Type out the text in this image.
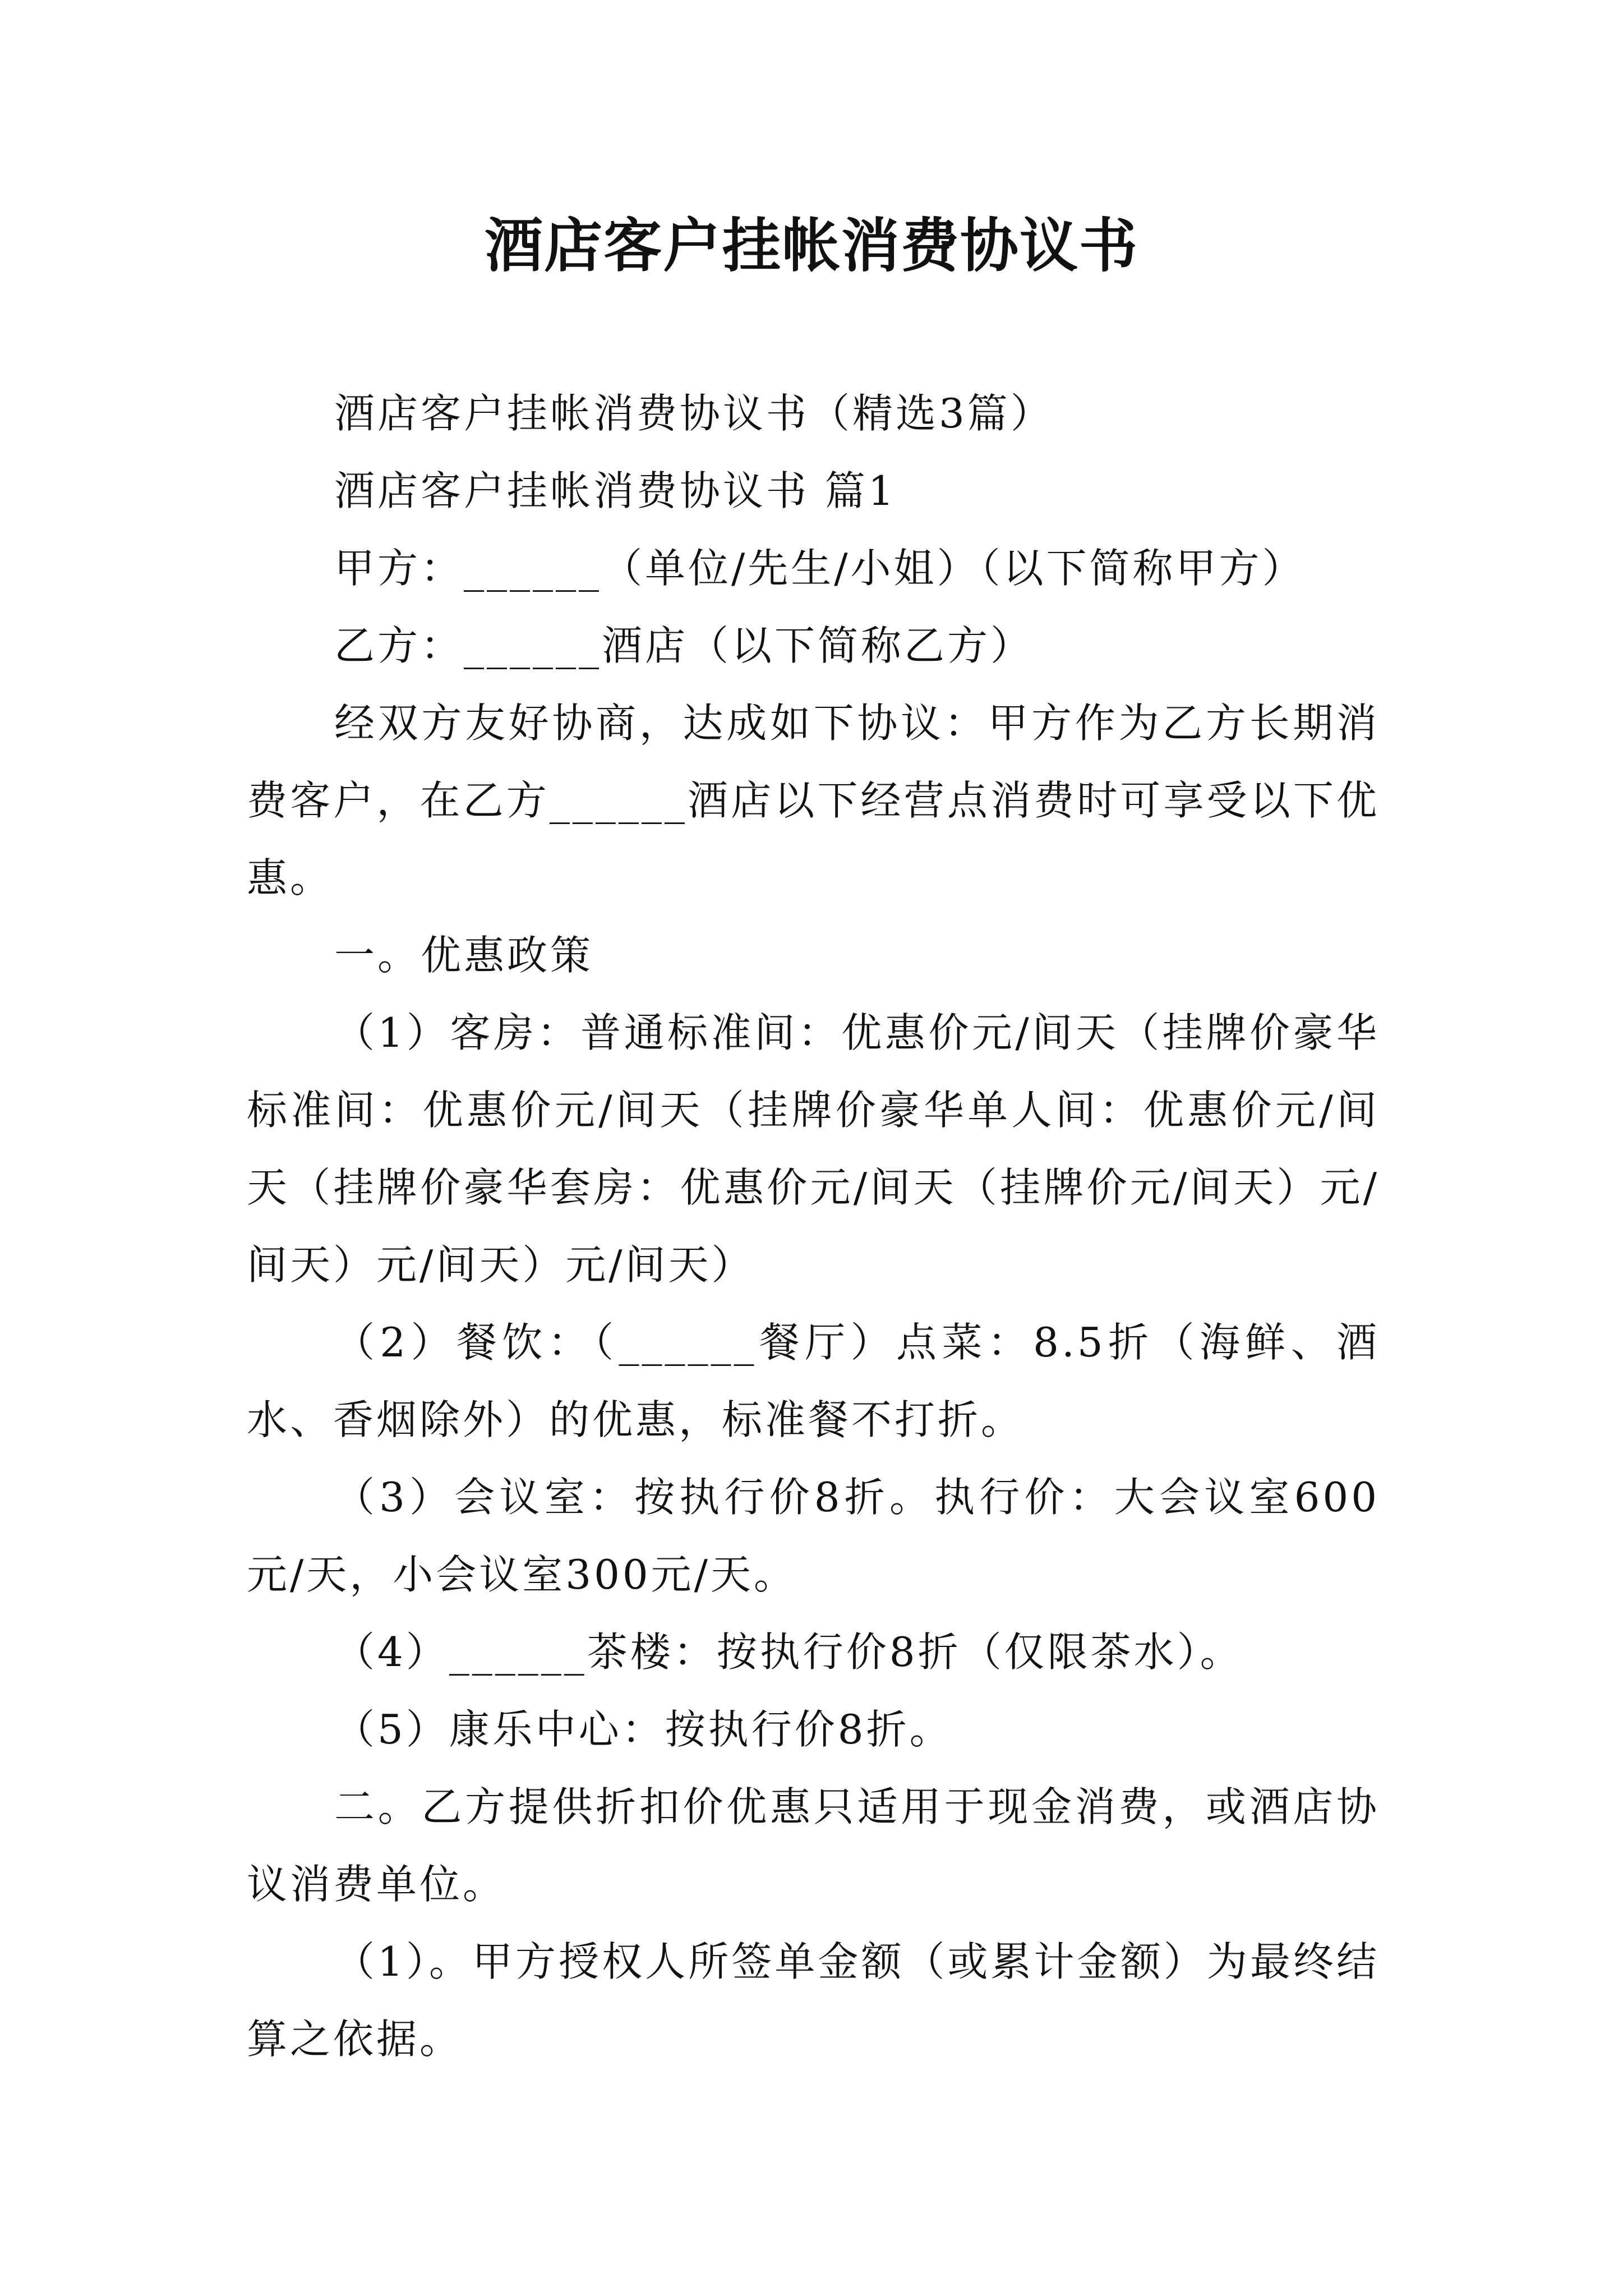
酒店客户挂帐消费协议书

酒店客户挂帐消费协议书（精选3篇）

酒店客户挂帐消费协议书 篇1

甲方：______（单位/先生/小姐）（以下简称甲方）

乙方：______酒店（以下简称乙方）

经双方友好协商，达成如下协议：甲方作为乙方长期消费客户，在乙方______酒店以下经营点消费时可享受以下优惠。

一。优惠政策

（1）客房：普通标准间：优惠价元/间天（挂牌价豪华标准间：优惠价元/间天（挂牌价豪华单人间：优惠价元/间天（挂牌价豪华套房：优惠价元/间天（挂牌价元/间天）元/间天）元/间天）元/间天）

（2）餐饮：（______餐厅）点菜：8.5折（海鲜、酒水、香烟除外）的优惠，标准餐不打折。

（3）会议室：按执行价8折。执行价：大会议室600元/天，小会议室300元/天。

（4）______茶楼：按执行价8折（仅限茶水）。

（5）康乐中心：按执行价8折。

二。乙方提供折扣价优惠只适用于现金消费，或酒店协议消费单位。

（1）。甲方授权人所签单金额（或累计金额）为最终结算之依据。
